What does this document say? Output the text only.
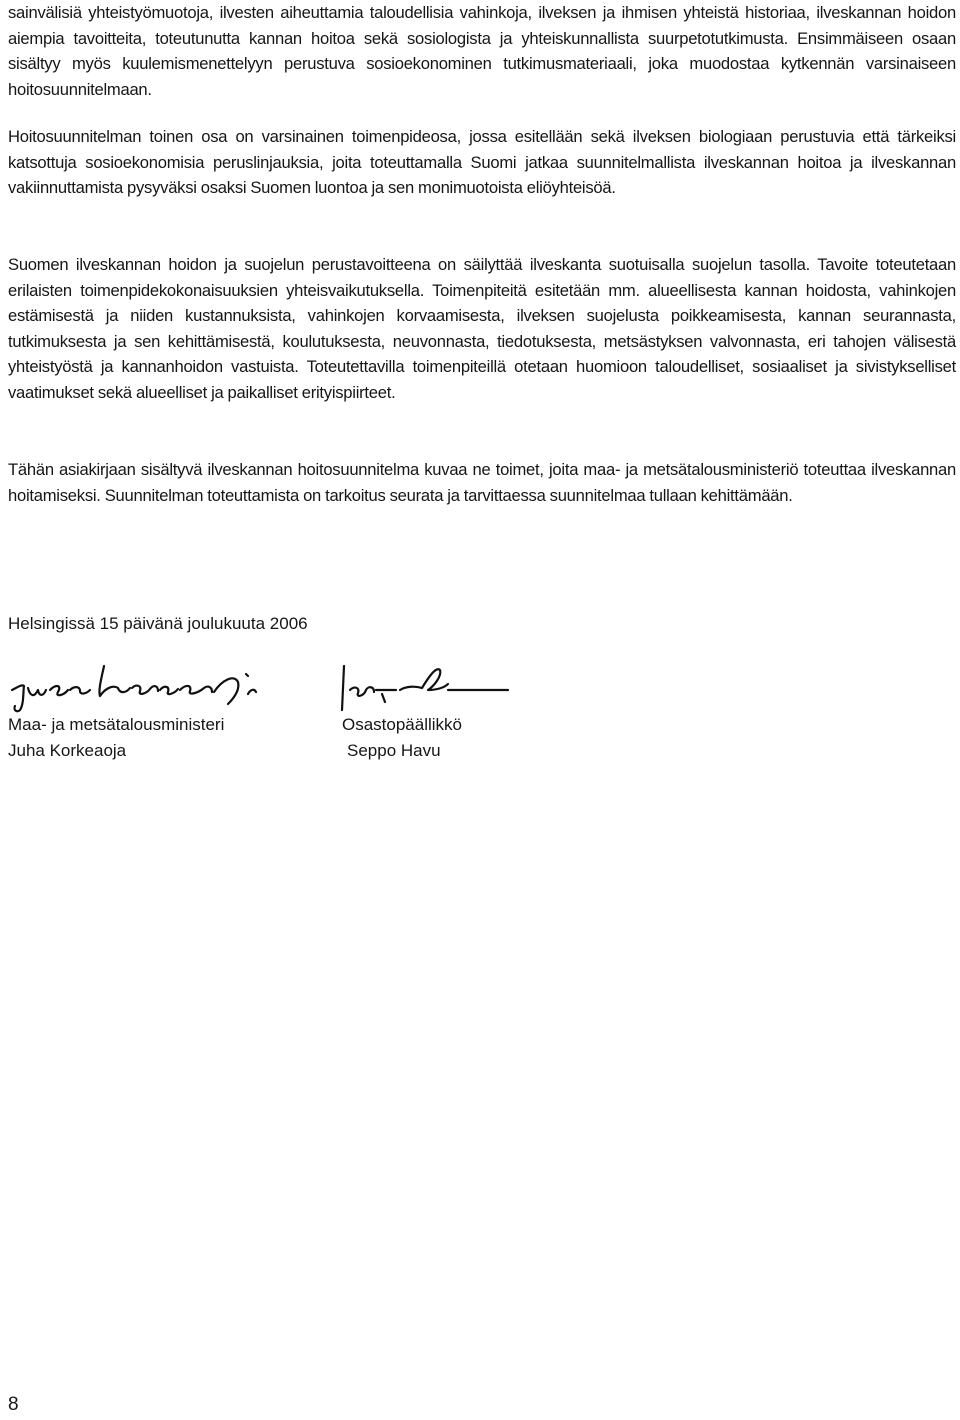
sainvälisiä yhteistyömuotoja, ilvesten aiheuttamia taloudellisia vahinkoja, ilveksen ja ihmisen yhteistä historiaa, ilveskannan hoidon aiempia tavoitteita, toteutunutta kannan hoitoa sekä sosiologista ja yhteiskunnallista suurpetotutkimusta. Ensimmäiseen osaan sisältyy myös kuulemismenettelyyn perustuva sosioekonominen tutkimusmateriaali, joka muodostaa kytkennän varsinaiseen hoitosuunnitelmaan.

Hoitosuunnitelman toinen osa on varsinainen toimenpideosa, jossa esitellään sekä ilveksen biologiaan perustuvia että tärkeiksi katsottuja sosioekonomisia peruslinjauksia, joita toteuttamalla Suomi jatkaa suunnitelmallista ilveskannan hoitoa ja ilveskannan vakiinnuttamista pysyväksi osaksi Suomen luontoa ja sen monimuotoista eliöyhteisöä.

Suomen ilveskannan hoidon ja suojelun perustavoitteena on säilyttää ilveskanta suotuisalla suojelun tasolla. Tavoite toteutetaan erilaisten toimenpidekokonaisuuksien yhteisvaikutuksella. Toimenpiteitä esitetään mm. alueellisesta kannan hoidosta, vahinkojen estämisestä ja niiden kustannuksista, vahinkojen korvaamisesta, ilveksen suojelusta poikkeamisesta, kannan seurannasta, tutkimuksesta ja sen kehittämisestä, koulutuksesta, neuvonnasta, tiedotuksesta, metsästyksen valvonnasta, eri tahojen välisestä yhteistyöstä ja kannanhoidon vastuista. Toteutettavilla toimenpiteillä otetaan huomioon taloudelliset, sosiaaliset ja sivistykselliset vaatimukset sekä alueelliset ja paikalliset erityispiirteet.

Tähän asiakirjaan sisältyvä ilveskannan hoitosuunnitelma kuvaa ne toimet, joita maa- ja metsätalousministeriö toteuttaa ilveskannan hoitamiseksi. Suunnitelman toteuttamista on tarkoitus seurata ja tarvittaessa suunnitelmaa tullaan kehittämään.

Helsingissä 15 päivänä joulukuuta 2006

Maa- ja metsätalousministeri

Juha Korkeaoja

Osastopäällikkö

Seppo Havu

8
